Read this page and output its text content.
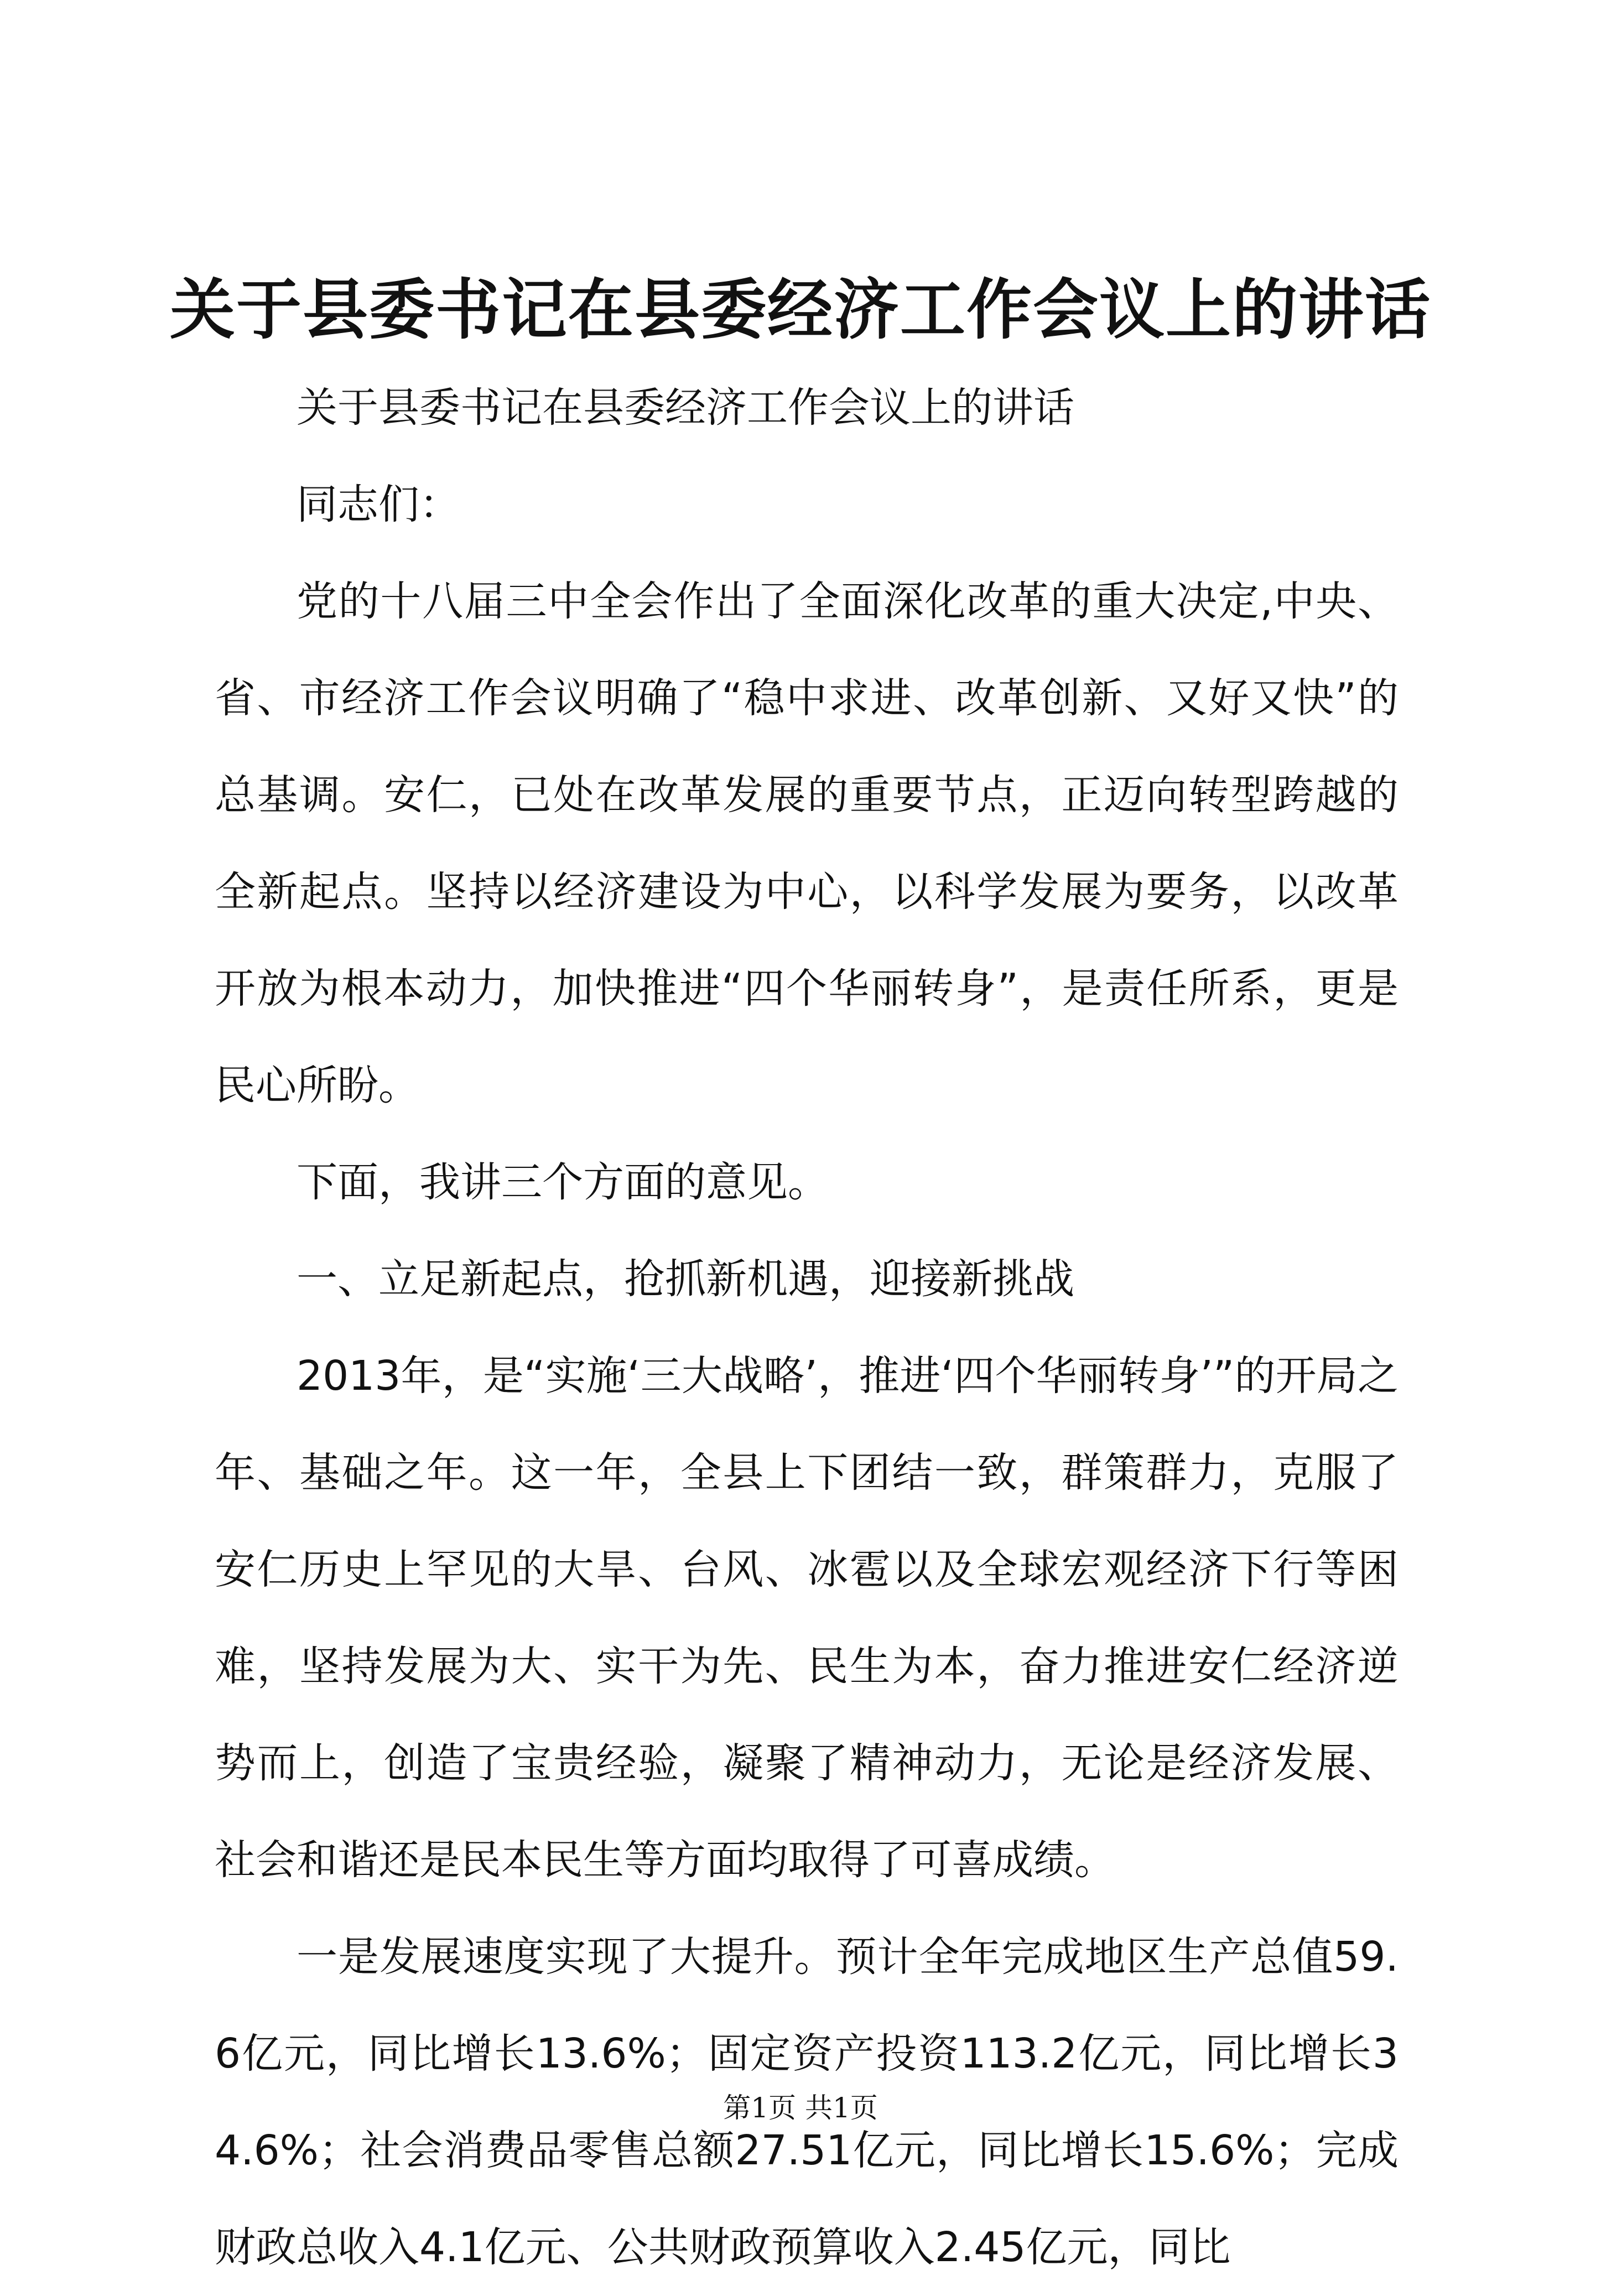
关于县委书记在县委经济工作会议上的讲话

关于县委书记在县委经济工作会议上的讲话

同志们：

党的十八届三中全会作出了全面深化改革的重大决定,中央、省、市经济工作会议明确了“稳中求进、改革创新、又好又快”的总基调。安仁，已处在改革发展的重要节点，正迈向转型跨越的全新起点。坚持以经济建设为中心，以科学发展为要务，以改革开放为根本动力，加快推进“四个华丽转身”，是责任所系，更是民心所盼。

下面，我讲三个方面的意见。

一、立足新起点，抢抓新机遇，迎接新挑战

2013年，是“实施‘三大战略’，推进‘四个华丽转身’”的开局之年、基础之年。这一年，全县上下团结一致，群策群力，克服了安仁历史上罕见的大旱、台风、冰雹以及全球宏观经济下行等困难，坚持发展为大、实干为先、民生为本，奋力推进安仁经济逆势而上，创造了宝贵经验，凝聚了精神动力，无论是经济发展、社会和谐还是民本民生等方面均取得了可喜成绩。

一是发展速度实现了大提升。预计全年完成地区生产总值59.6亿元，同比增长13.6%；固定资产投资113.2亿元，同比增长34.6%；社会消费品零售总额27.51亿元，同比增长15.6%；完成财政总收入4.1亿元、公共财政预算收入2.45亿元，同比

第1页 共1页
